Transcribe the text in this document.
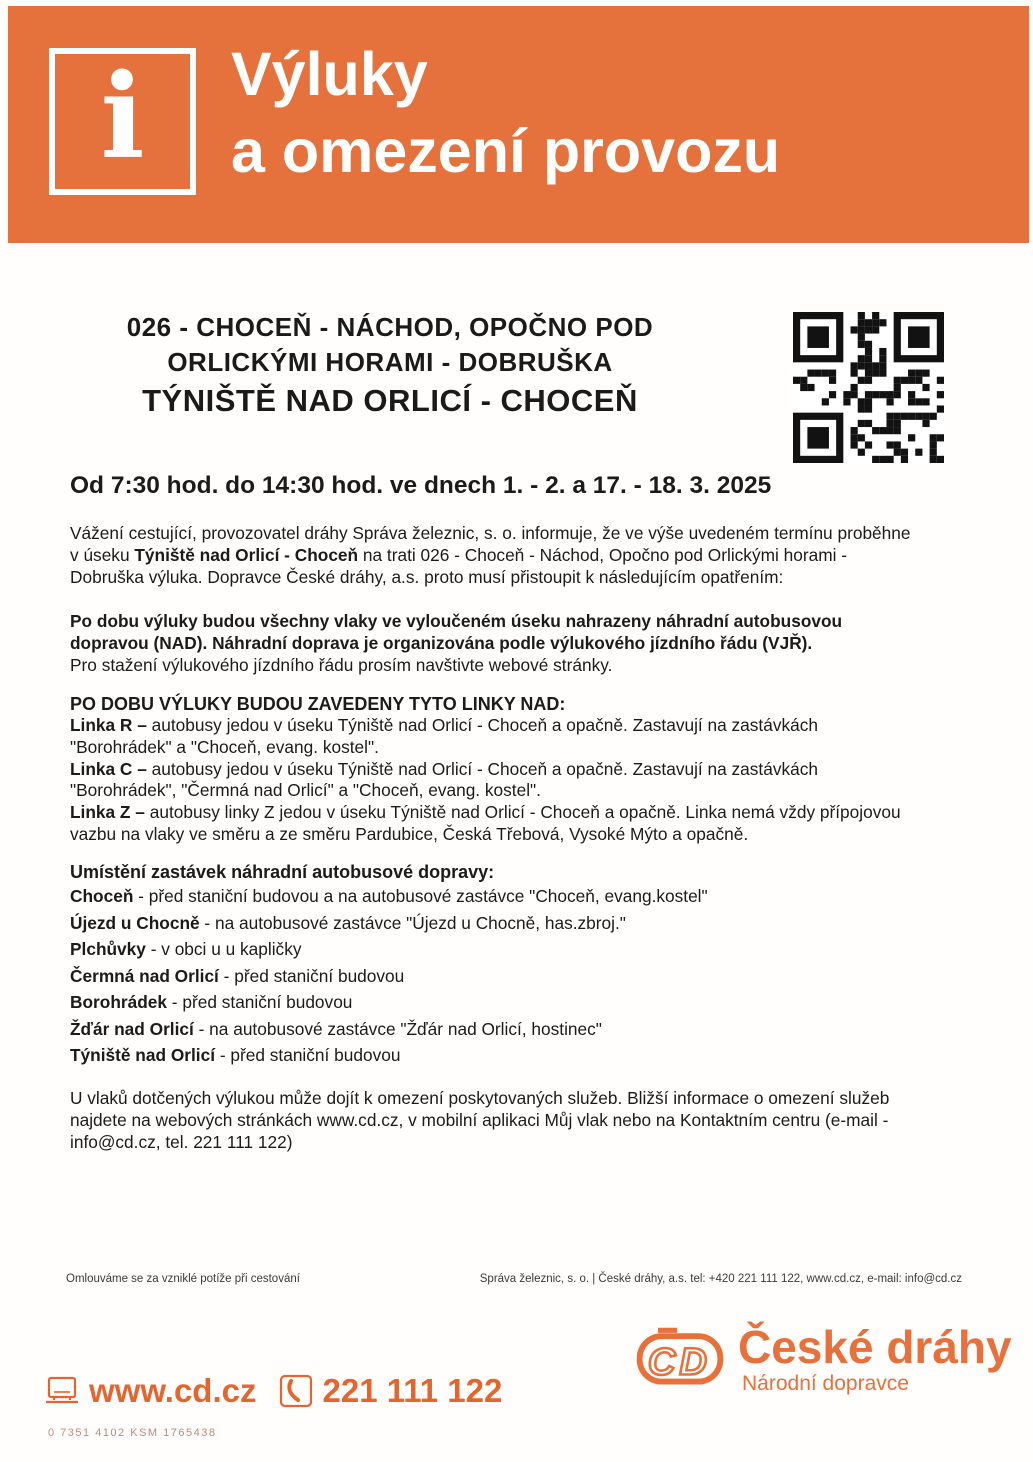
i Výluky
a omezení provozu
026 - CHOCEŇ - NÁCHOD, OPOČNO POD
ORLICKÝMI HORAMI - DOBRUŠKA
TÝNIŠTĚ NAD ORLICÍ - CHOCEŇ
Od 7:30 hod. do 14:30 hod. ve dnech 1. - 2. a 17. - 18. 3. 2025

Vážení cestující, provozovatel dráhy Správa železnic, s. o. informuje, že ve výše uvedeném termínu proběhne v úseku Týniště nad Orlicí - Choceň na trati 026 - Choceň - Náchod, Opočno pod Orlickými horami - Dobruška výluka. Dopravce České dráhy, a.s. proto musí přistoupit k následujícím opatřením:

Po dobu výluky budou všechny vlaky ve vyloučeném úseku nahrazeny náhradní autobusovou dopravou (NAD). Náhradní doprava je organizována podle výlukového jízdního řádu (VJŘ).
Pro stažení výlukového jízdního řádu prosím navštivte webové stránky.

PO DOBU VÝLUKY BUDOU ZAVEDENY TYTO LINKY NAD:
Linka R – autobusy jedou v úseku Týniště nad Orlicí - Choceň a opačně. Zastavují na zastávkách "Borohrádek" a "Choceň, evang. kostel".
Linka C – autobusy jedou v úseku Týniště nad Orlicí - Choceň a opačně. Zastavují na zastávkách "Borohrádek", "Čermná nad Orlicí" a "Choceň, evang. kostel".
Linka Z – autobusy linky Z jedou v úseku Týniště nad Orlicí - Choceň a opačně. Linka nemá vždy přípojovou vazbu na vlaky ve směru a ze směru Pardubice, Česká Třebová, Vysoké Mýto a opačně.
Umístění zastávek náhradní autobusové dopravy:
Choceň - před staniční budovou a na autobusové zastávce "Choceň, evang.kostel"
Újezd u Chocně - na autobusové zastávce "Újezd u Chocně, has.zbroj."
Plchůvky - v obci u u kapličky
Čermná nad Orlicí - před staniční budovou
Borohrádek - před staniční budovou
Žďár nad Orlicí - na autobusové zastávce "Žďár nad Orlicí, hostinec"
Týniště nad Orlicí - před staniční budovou

U vlaků dotčených výlukou může dojít k omezení poskytovaných služeb. Bližší informace o omezení služeb najdete na webových stránkách www.cd.cz, v mobilní aplikaci Můj vlak nebo na Kontaktním centru (e-mail - info@cd.cz, tel. 221 111 122)

Omlouváme se za vzniklé potíže při cestování	Správa železnic, s. o. | České dráhy, a.s. tel: +420 221 111 122, www.cd.cz, e-mail: info@cd.cz
www.cd.cz 221 111 122
0 7351 4102 KSM 1765438
C D České dráhy
Národní dopravce
